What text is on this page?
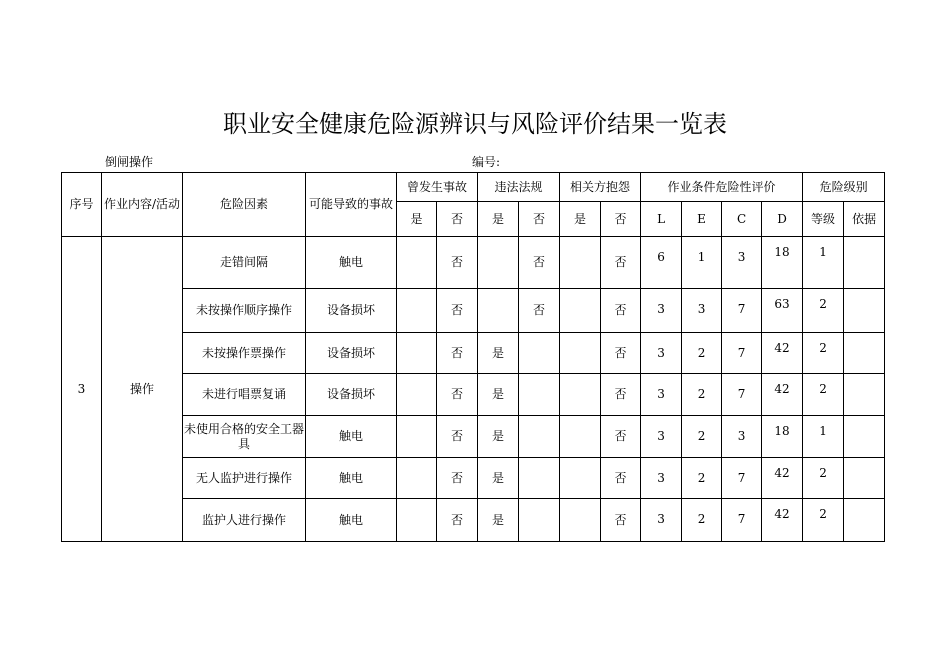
职业安全健康危险源辨识与风险评价结果一览表
倒闸操作	编号:
序号	作业内容/活动	危险因素	可能导致的事故	曾发生事故		违法法规		相关方抱怨		作业条件危险性评价				危险级别	
				是	否	是	否	是	否	L	E	C	D	等级	依据
3	操作	走错间隔	触电		否		否		否	6	1	3	18	1	
		未按操作顺序操作	设备损坏		否		否		否	3	3	7	63	2	
		未按操作票操作	设备损坏		否	是			否	3	2	7	42	2	
		未进行唱票复诵	设备损坏		否	是			否	3	2	7	42	2	
		未使用合格的安全工器具	触电		否	是			否	3	2	3	18	1	
		无人监护进行操作	触电		否	是			否	3	2	7	42	2	
		监护人进行操作	触电		否	是			否	3	2	7	42	2	
